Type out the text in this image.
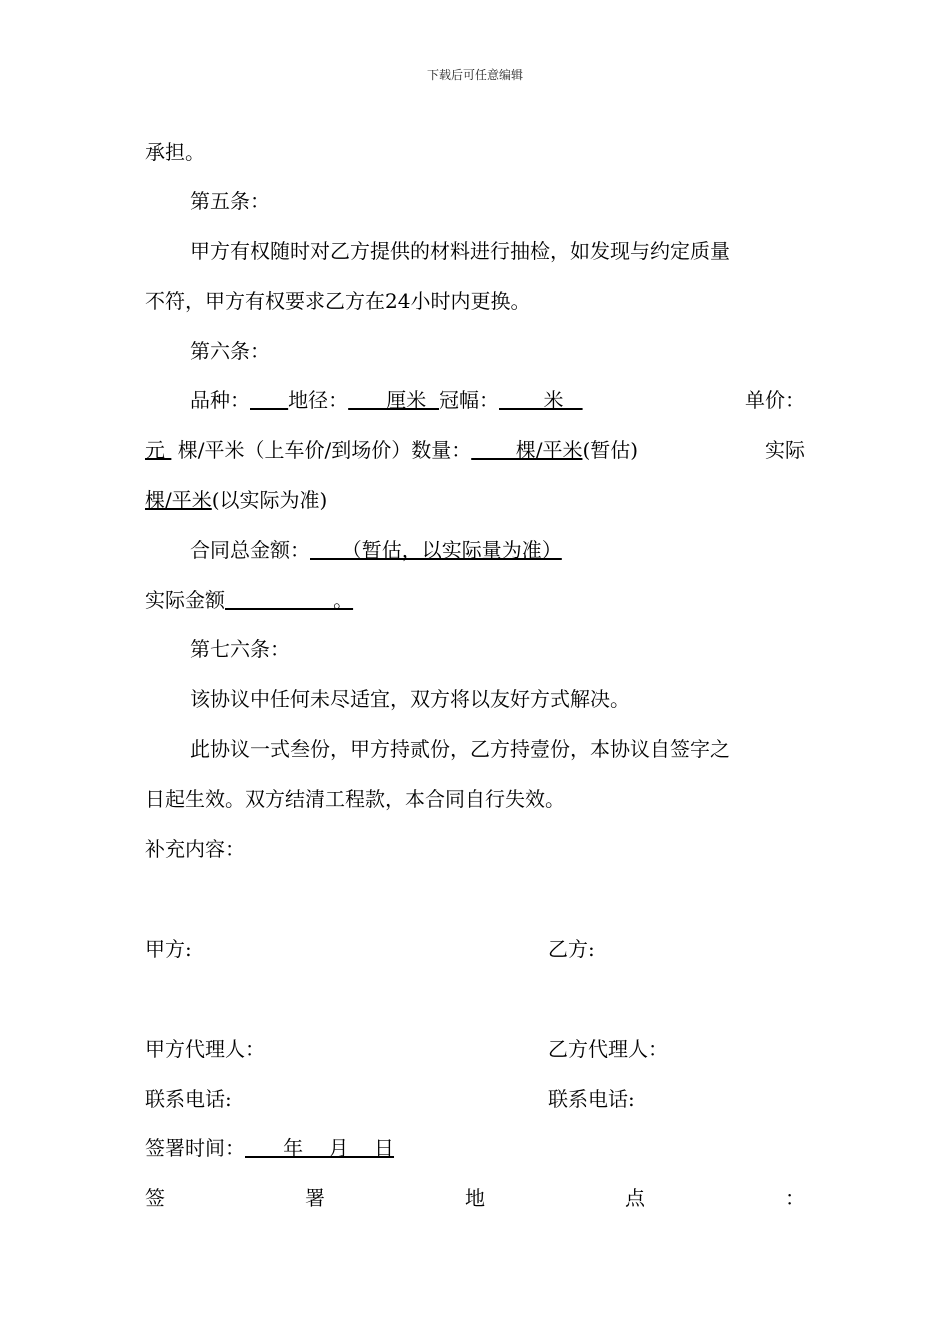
下载后可任意编辑
承担。
第五条：
甲方有权随时对乙方提供的材料进行抽检，如发现与约定质量
不符，甲方有权要求乙方在24小时内更换。
第六条：
品种：
地径： 厘米 冠幅： 米	单价：
元 棵/平米（上车价/到场价）数量： 棵/平米 (暂估)	实际
棵/平米(以实际为准)
合同总金额：     （暂估，以实际量为准）
实际金额                 。
第七六条：
该协议中任何未尽适宜，双方将以友好方式解决。
此协议一式叁份，甲方持贰份，乙方持壹份，本协议自签字之
日起生效。双方结清工程款，本合同自行失效。
补充内容：
甲方:	乙方:
甲方代理人：	乙方代理人：
联系电话:	联系电话:
签署时间：      年    月    日
签	署	地	点	：
